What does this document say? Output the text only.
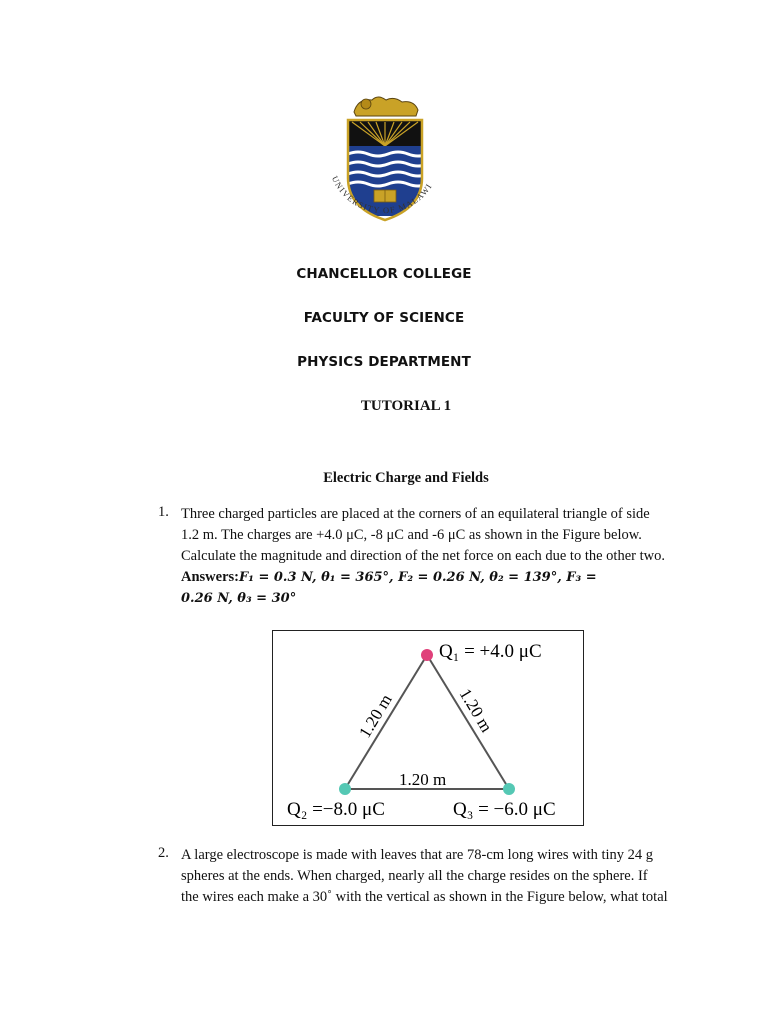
UNIVERSITY OF MALAWI
CHANCELLOR COLLEGE
FACULTY OF SCIENCE
PHYSICS DEPARTMENT
TUTORIAL 1
Electric Charge and Fields
1. Three charged particles are placed at the corners of an equilateral triangle of side
1.2 m. The charges are +4.0 μC, -8 μC and -6 μC as shown in the Figure below.
Calculate the magnitude and direction of the net force on each due to the other two.
Answers:F₁ = 0.3 N, θ₁ = 365°, F₂ = 0.26 N, θ₂ = 139°, F₃ =
0.26 N, θ₃ = 30°
Q₁ = +4.0 μC
Q₂ =−8.0 μC	Q₃ = −6.0 μC
1.20 m
1.20 m	1.20 m
2. A large electroscope is made with leaves that are 78-cm long wires with tiny 24 g
spheres at the ends. When charged, nearly all the charge resides on the sphere. If
the wires each make a 30˚ with the vertical as shown in the Figure below, what total
